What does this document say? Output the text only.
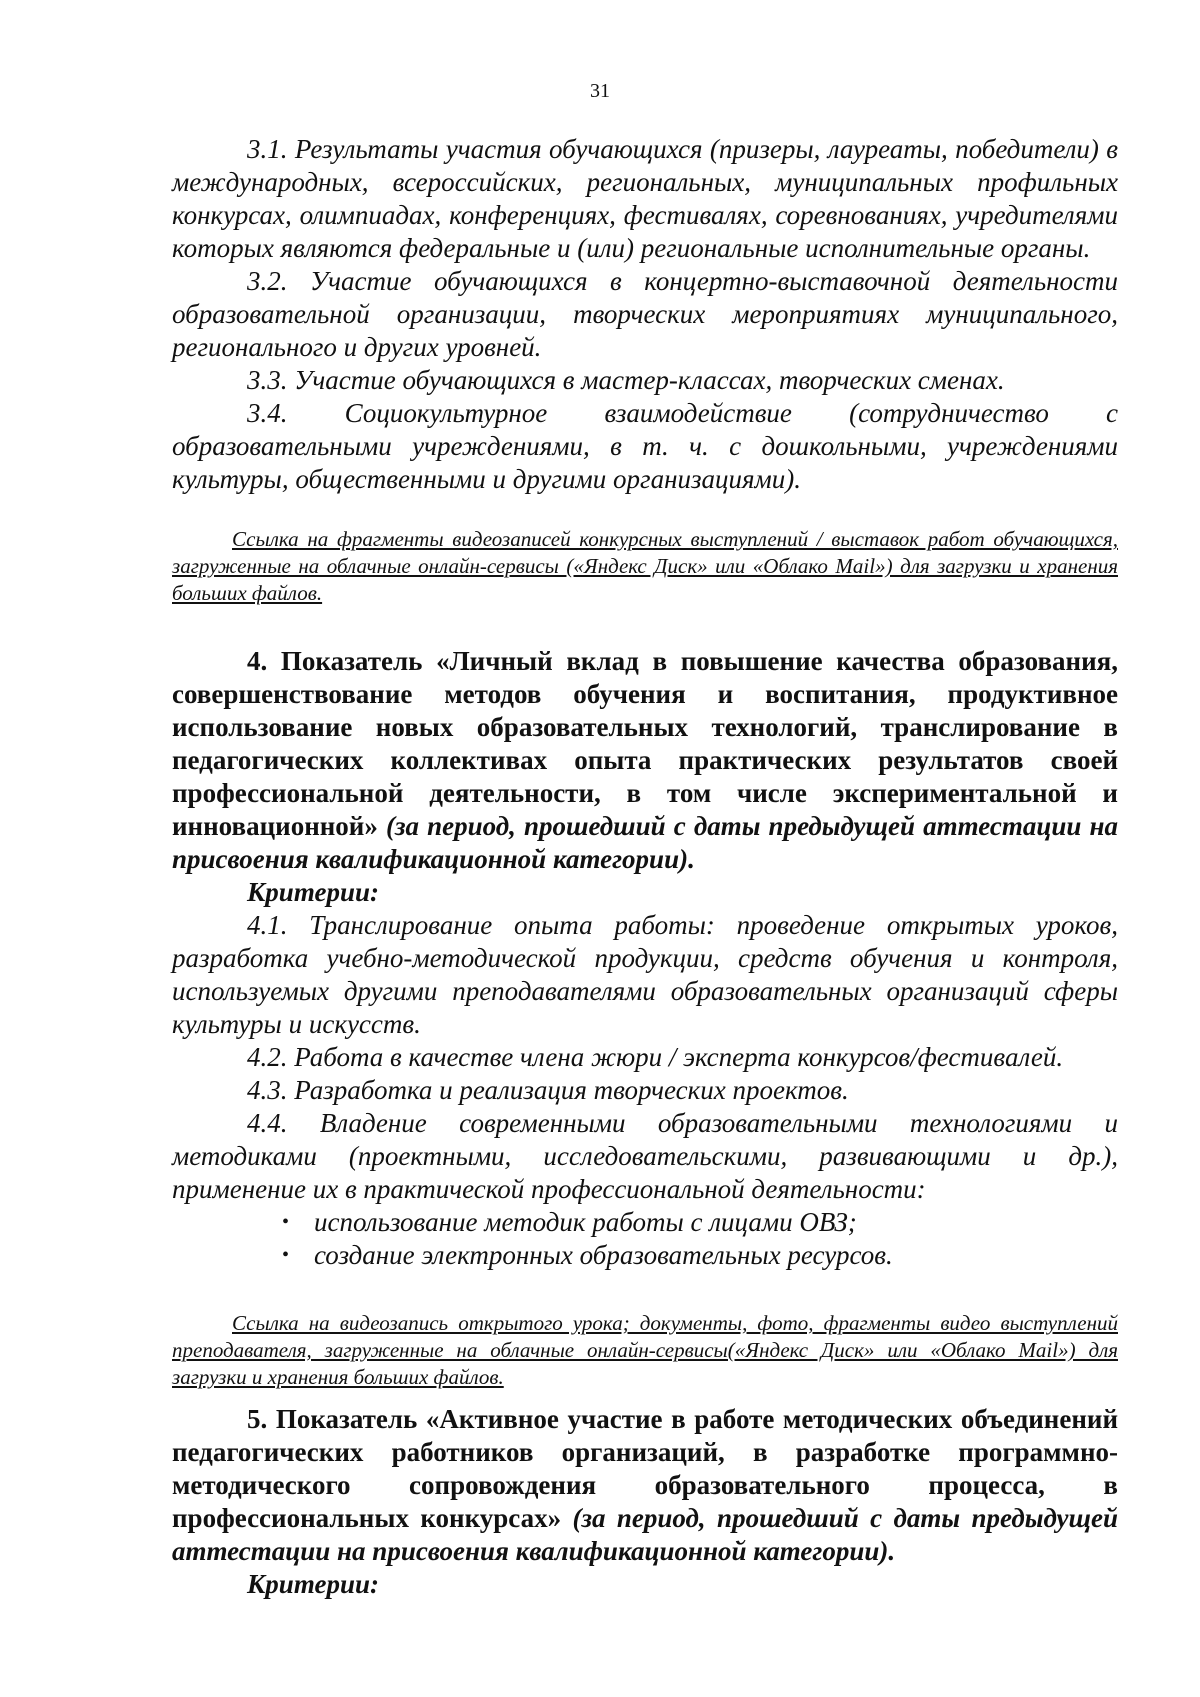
31

3.1. Результаты участия обучающихся (призеры, лауреаты, победители) в международных, всероссийских, региональных, муниципальных профильных конкурсах, олимпиадах, конференциях, фестивалях, соревнованиях, учредителями которых являются федеральные и (или) региональные исполнительные органы.

3.2. Участие обучающихся в концертно-выставочной деятельности образовательной организации, творческих мероприятиях муниципального, регионального и других уровней.

3.3. Участие обучающихся в мастер-классах, творческих сменах.

3.4. Социокультурное взаимодействие (сотрудничество с образовательными учреждениями, в т. ч. с дошкольными, учреждениями культуры, общественными и другими организациями).

Ссылка на фрагменты видеозаписей конкурсных выступлений / выставок работ обучающихся, загруженные на облачные онлайн-сервисы («Яндекс Диск» или «Облако Mail») для загрузки и хранения больших файлов.

4. Показатель «Личный вклад в повышение качества образования, совершенствование методов обучения и воспитания, продуктивное использование новых образовательных технологий, транслирование в педагогических коллективах опыта практических результатов своей профессиональной деятельности, в том числе экспериментальной и инновационной» (за период, прошедший с даты предыдущей аттестации на присвоения квалификационной категории).

Критерии:

4.1. Транслирование опыта работы: проведение открытых уроков, разработка учебно-методической продукции, средств обучения и контроля, используемых другими преподавателями образовательных организаций сферы культуры и искусств.

4.2. Работа в качестве члена жюри / эксперта конкурсов/фестивалей.

4.3. Разработка и реализация творческих проектов.

4.4. Владение современными образовательными технологиями и методиками (проектными, исследовательскими, развивающими и др.), применение их в практической профессиональной деятельности:

• использование методик работы с лицами ОВЗ;
• создание электронных образовательных ресурсов.

Ссылка на видеозапись открытого урока; документы, фото, фрагменты видео выступлений преподавателя, загруженные на облачные онлайн-сервисы(«Яндекс Диск» или «Облако Mail») для загрузки и хранения больших файлов.

5. Показатель «Активное участие в работе методических объединений педагогических работников организаций, в разработке программно-методического сопровождения образовательного процесса, в профессиональных конкурсах» (за период, прошедший с даты предыдущей аттестации на присвоения квалификационной категории).

Критерии:
